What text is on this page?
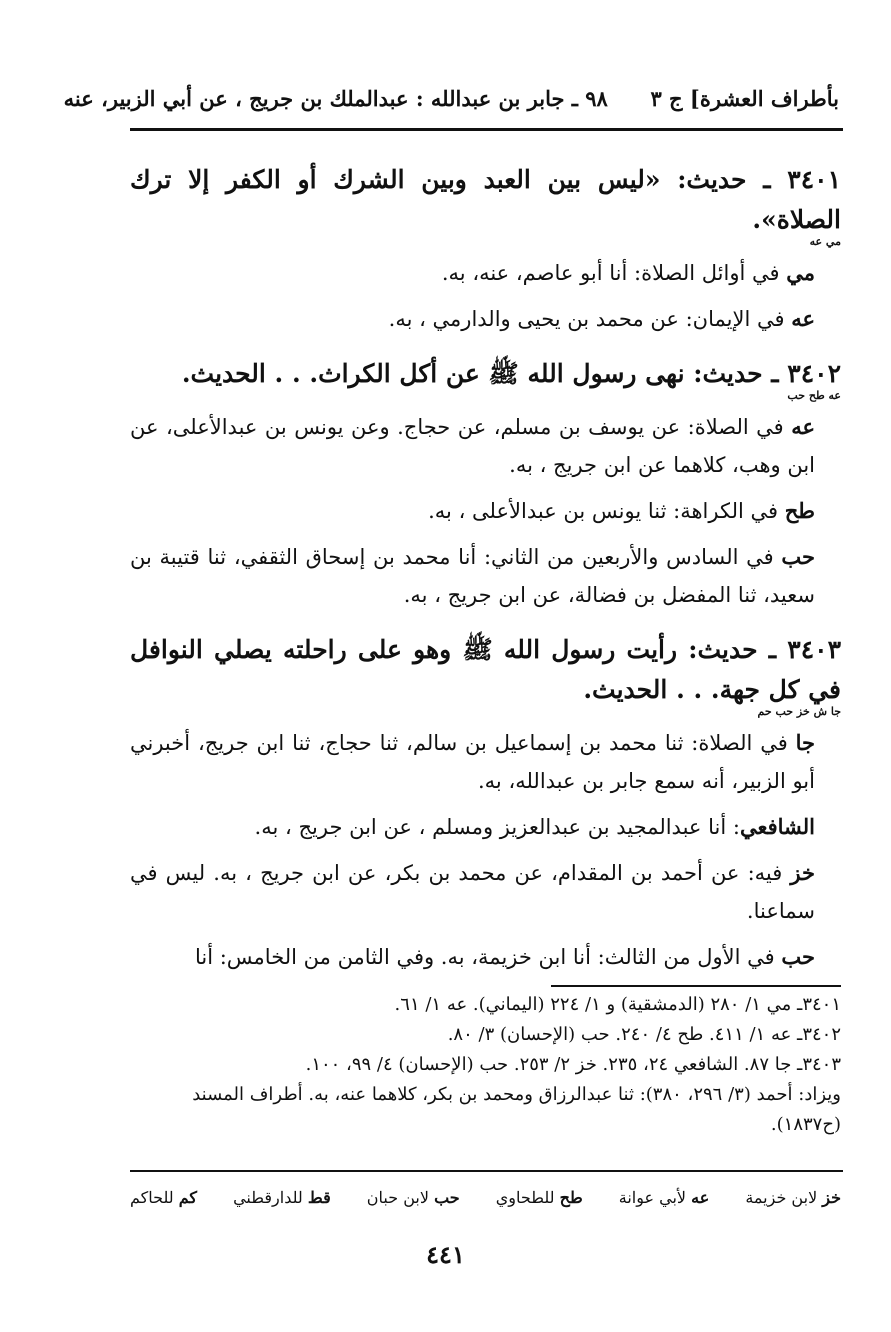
بأطراف العشرة] ج ٣  ٩٨ ـ جابر بن عبدالله : عبدالملك بن جريج ، عن أبي الزبير، عنه
٣٤٠١ ـ حديث: «ليس بين العبد وبين الشرك أو الكفر إلا ترك الصلاة».
مي عه
مي في أوائل الصلاة: أنا أبو عاصم، عنه، به.
عه في الإيمان: عن محمد بن يحيى والدارمي ، به.
٣٤٠٢ ـ حديث: نهى رسول الله ﷺ عن أكل الكراث. . . الحديث.
عه طح حب
عه في الصلاة: عن يوسف بن مسلم، عن حجاج. وعن يونس بن عبدالأعلى، عن ابن وهب، كلاهما عن ابن جريج ، به.
طح في الكراهة: ثنا يونس بن عبدالأعلى ، به.
حب في السادس والأربعين من الثاني: أنا محمد بن إسحاق الثقفي، ثنا قتيبة بن سعيد، ثنا المفضل بن فضالة، عن ابن جريج ، به.
٣٤٠٣ ـ حديث: رأيت رسول الله ﷺ وهو على راحلته يصلي النوافل في كل جهة. . . الحديث.
جا ش خز حب حم
جا في الصلاة: ثنا محمد بن إسماعيل بن سالم، ثنا حجاج، ثنا ابن جريج، أخبرني أبو الزبير، أنه سمع جابر بن عبدالله، به.
الشافعي: أنا عبدالمجيد بن عبدالعزيز ومسلم ، عن ابن جريج ، به.
خز فيه: عن أحمد بن المقدام، عن محمد بن بكر، عن ابن جريج ، به. ليس في سماعنا.
حب في الأول من الثالث: أنا ابن خزيمة، به. وفي الثامن من الخامس: أنا
٣٤٠١ـ مي ١/ ٢٨٠ (الدمشقية) و ١/ ٢٢٤ (اليماني). عه ١/ ٦١.
٣٤٠٢ـ عه ١/ ٤١١. طح ٤/ ٢٤٠. حب (الإحسان) ٣/ ٨٠.
٣٤٠٣ـ جا ٨٧. الشافعي ٢٤، ٢٣٥. خز ٢/ ٢٥٣. حب (الإحسان) ٤/ ٩٩، ١٠٠.
ويزاد: أحمد (٣/ ٢٩٦، ٣٨٠): ثنا عبدالرزاق ومحمد بن بكر، كلاهما عنه، به. أطراف المسند (ح١٨٣٧).
خز لابن خزيمة
عه لأبي عوانة
طح للطحاوي
حب لابن حبان
قط للدارقطني
كم للحاكم
٤٤١
